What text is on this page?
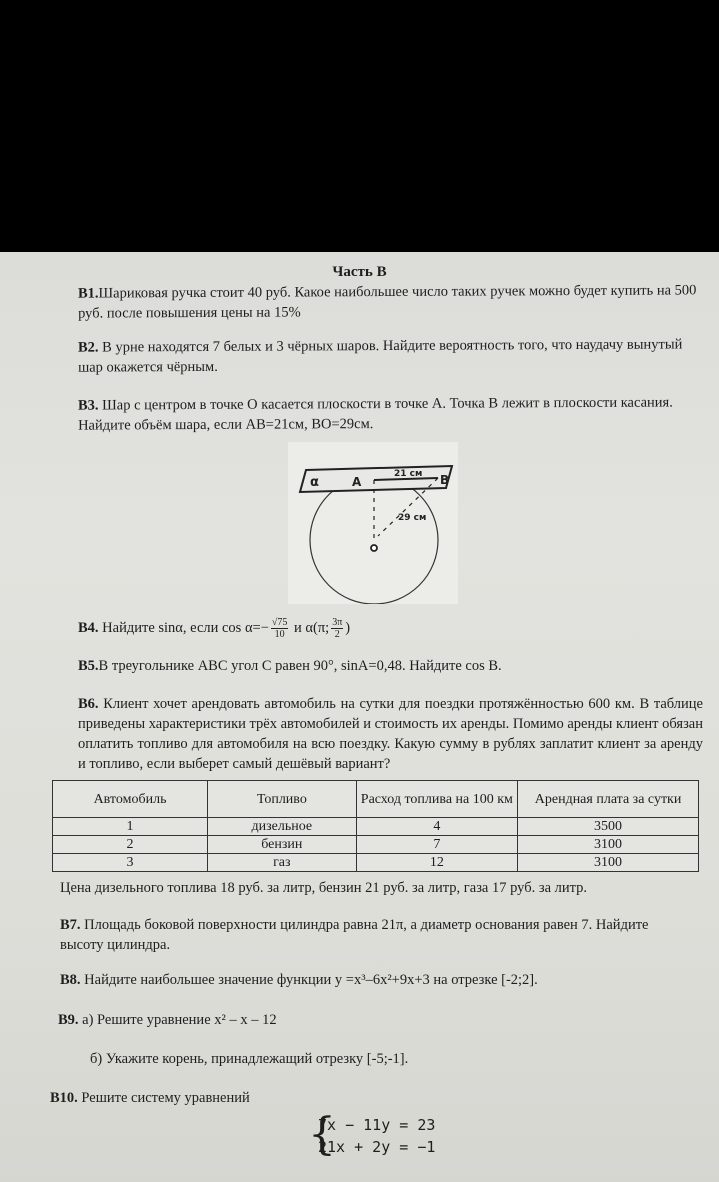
Часть В
В1.Шариковая ручка стоит 40 руб. Какое наибольшее число таких ручек можно будет купить на 500 руб. после повышения цены на 15%
В2. В урне находятся 7 белых и 3 чёрных шаров. Найдите вероятность того, что наудачу вынутый шар окажется чёрным.
В3. Шар с центром в точке О касается плоскости в точке А. Точка В лежит в плоскости касания. Найдите объём шара, если АВ=21см, ВО=29см.
α	A	B
21 см
29 см
В4. Найдите sinα, если $\cos \alpha=- \frac{√75}{10}$ и α(π; $\frac{3\pi}{2}$ )
В5.В треугольнике АВС угол С равен 90°, sinA=0,48. Найдите cos B.
В6. Клиент хочет арендовать автомобиль на сутки для поездки протяжённостью 600 км. В таблице приведены характеристики трёх автомобилей и стоимость их аренды. Помимо аренды клиент обязан оплатить топливо для автомобиля на всю поездку. Какую сумму в рублях заплатит клиент за аренду и топливо, если выберет самый дешёвый вариант?
Автомобиль	Топливо	Расход топлива на 100 км	Арендная плата за сутки
1	дизельное	4	3500
2	бензин	7	3100
3	газ	12	3100
Цена дизельного топлива 18 руб. за литр, бензин 21 руб. за литр, газа 17 руб. за литр.
В7. Площадь боковой поверхности цилиндра равна 21π, а диаметр основания равен 7. Найдите высоту цилиндра.
В8. Найдите наибольшее значение функции y =x³–6x²+9x+3 на отрезке [-2;2].
В9. а) Решите уравнение x² – x – 12
б) Укажите корень, принадлежащий отрезку [-5;-1].
В10. Решите систему уравнений
{
7x − 11y = 23
21x + 2y = −1
